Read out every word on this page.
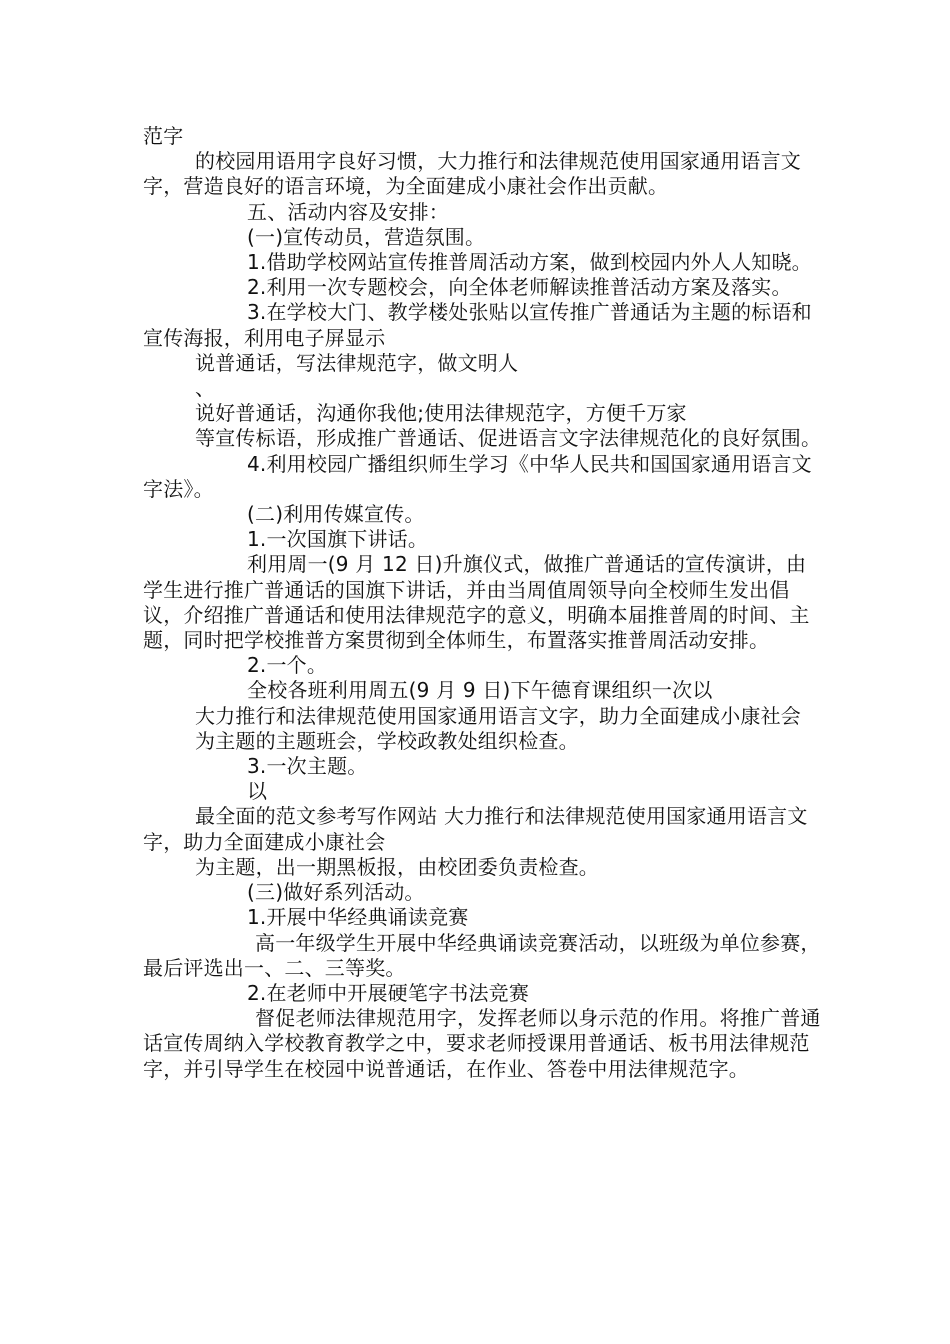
范字

的校园用语用字良好习惯，大力推行和法律规范使用国家通用语言文字，营造良好的语言环境，为全面建成小康社会作出贡献。

五、活动内容及安排：

(一)宣传动员，营造氛围。

1.借助学校网站宣传推普周活动方案，做到校园内外人人知晓。

2.利用一次专题校会，向全体老师解读推普活动方案及落实。

3.在学校大门、教学楼处张贴以宣传推广普通话为主题的标语和宣传海报，利用电子屏显示

说普通话，写法律规范字，做文明人

、

说好普通话，沟通你我他;使用法律规范字，方便千万家

等宣传标语，形成推广普通话、促进语言文字法律规范化的良好氛围。

4.利用校园广播组织师生学习《中华人民共和国国家通用语言文字法》。

(二)利用传媒宣传。

1.一次国旗下讲话。

利用周一(9 月 12 日)升旗仪式，做推广普通话的宣传演讲，由学生进行推广普通话的国旗下讲话，并由当周值周领导向全校师生发出倡议，介绍推广普通话和使用法律规范字的意义，明确本届推普周的时间、主题，同时把学校推普方案贯彻到全体师生，布置落实推普周活动安排。

2.一个。

全校各班利用周五(9 月 9 日)下午德育课组织一次以

大力推行和法律规范使用国家通用语言文字，助力全面建成小康社会

为主题的主题班会，学校政教处组织检查。

3.一次主题。

以

最全面的范文参考写作网站 大力推行和法律规范使用国家通用语言文字，助力全面建成小康社会

为主题，出一期黑板报，由校团委负责检查。

(三)做好系列活动。

1.开展中华经典诵读竞赛

高一年级学生开展中华经典诵读竞赛活动，以班级为单位参赛，最后评选出一、二、三等奖。

2.在老师中开展硬笔字书法竞赛

督促老师法律规范用字，发挥老师以身示范的作用。将推广普通话宣传周纳入学校教育教学之中，要求老师授课用普通话、板书用法律规范字，并引导学生在校园中说普通话，在作业、答卷中用法律规范字。
